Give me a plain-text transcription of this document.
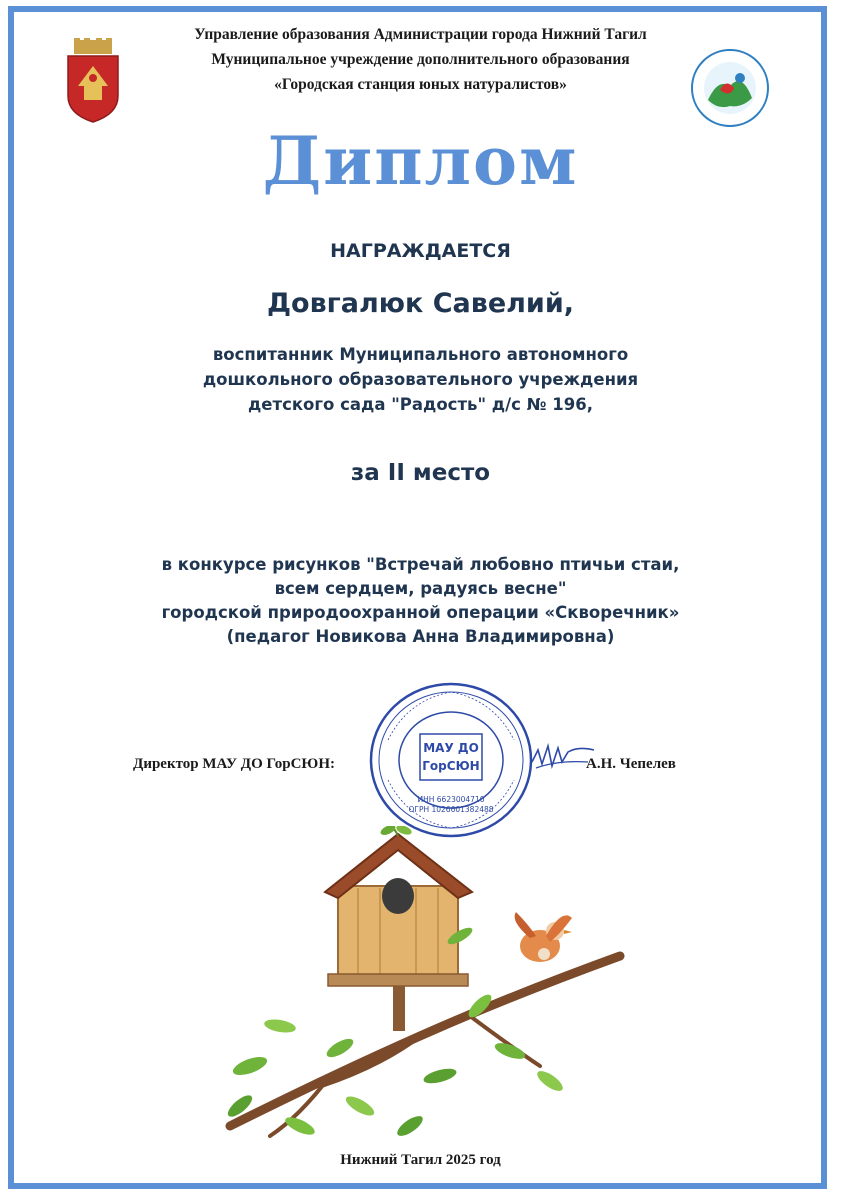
Управление образования Администрации города Нижний Тагил
Муниципальное учреждение дополнительного образования
«Городская станция юных натуралистов»
Диплом
НАГРАЖДАЕТСЯ
Довгалюк Савелий,
воспитанник Муниципального автономного
дошкольного образовательного учреждения
детского сада "Радость" д/с № 196,
за II место
в конкурсе рисунков "Встречай любовно птичьи стаи,
всем сердцем, радуясь весне"
городской природоохранной операции «Скворечник»
(педагог Новикова Анна Владимировна)
МАУ ДО
ГорСЮН
ИНН 6623004710
ОГРН 1026601382488
Директор МАУ ДО ГорСЮН:	А.Н. Чепелев
Нижний Тагил 2025 год
